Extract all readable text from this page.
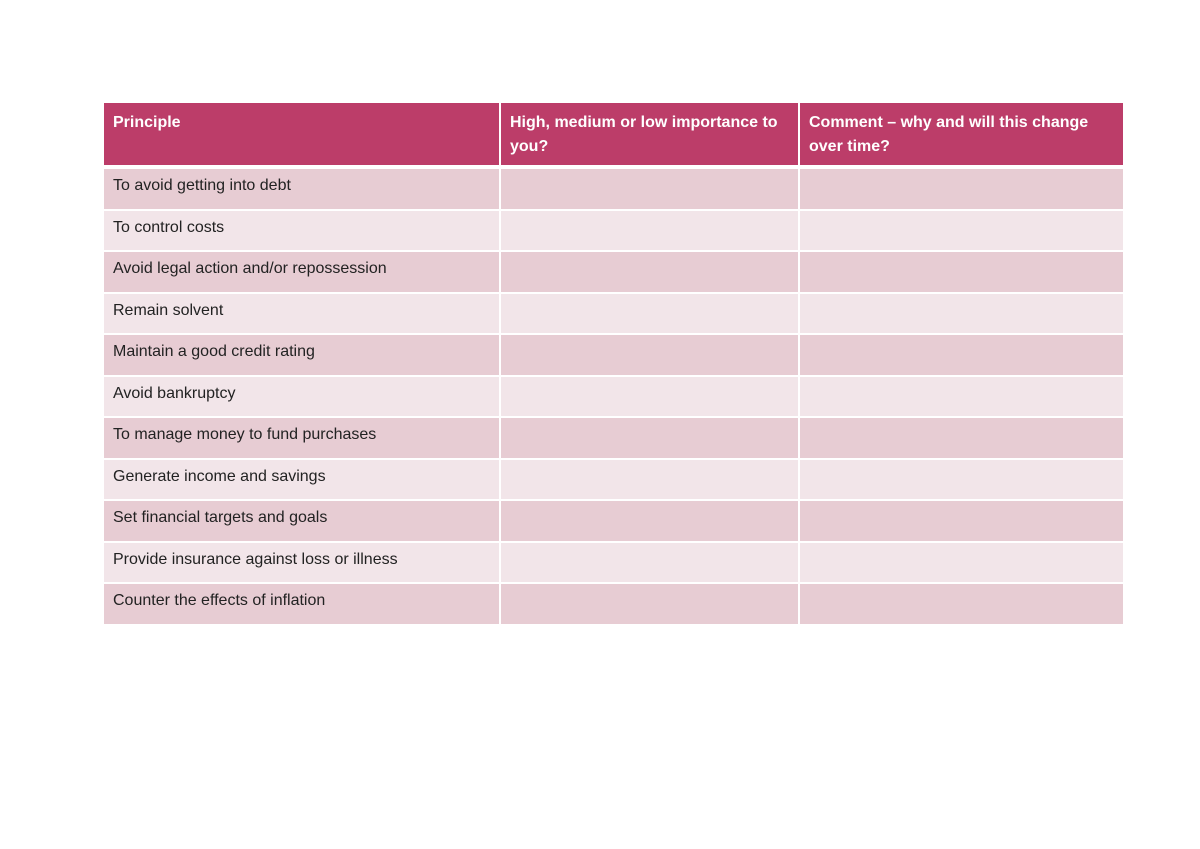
Principle	High, medium or low importance to you?	Comment – why and will this change over time?
To avoid getting into debt		
To control costs		
Avoid legal action and/or repossession		
Remain solvent		
Maintain a good credit rating		
Avoid bankruptcy		
To manage money to fund purchases		
Generate income and savings		
Set financial targets and goals		
Provide insurance against loss or illness		
Counter the effects of inflation		
